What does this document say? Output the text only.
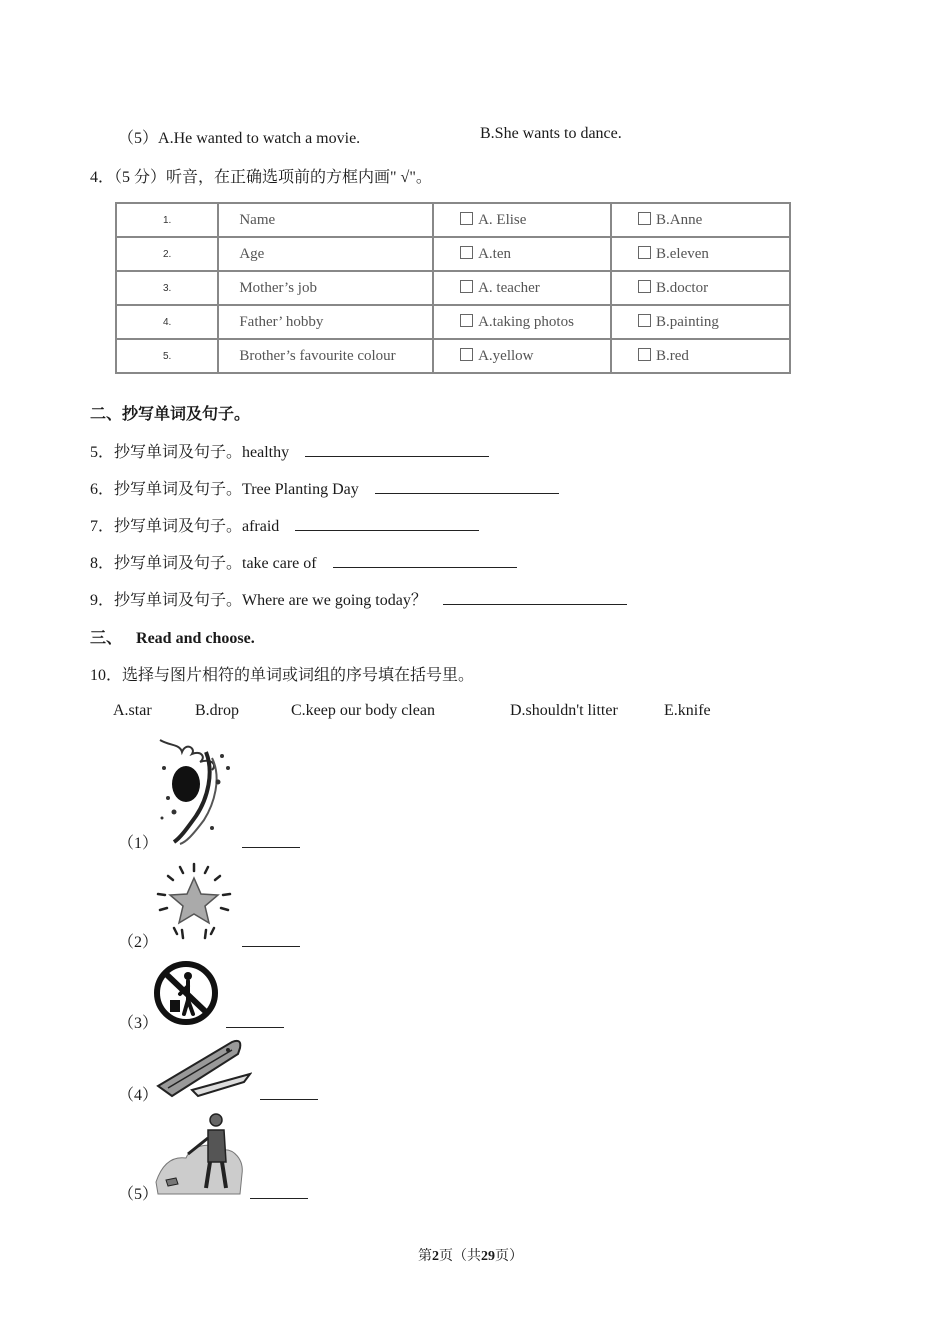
（5）A.He wanted to watch a movie.	B.She wants to dance.
4．（5 分）听音，在正确选项前的方框内画" √"。
1.	Name	A. Elise	B.Anne
2.	Age	A.ten	B.eleven
3.	Mother’s job	A. teacher	B.doctor
4.	Father’ hobby	A.taking photos	B.painting
5.	Brother’s favourite colour	A.yellow	B.red
二、抄写单词及句子。
5．抄写单词及句子。healthy
6．抄写单词及句子。Tree Planting Day
7．抄写单词及句子。afraid
8．抄写单词及句子。take care of
9．抄写单词及句子。Where are we going today？
三、 Read and choose.
10．选择与图片相符的单词或词组的序号填在括号里。
A.star	B.drop	C.keep our body clean	D.shouldn't litter	E.knife
（1）
（2）
（3）
（4）
（5）
第2页（共29页）
